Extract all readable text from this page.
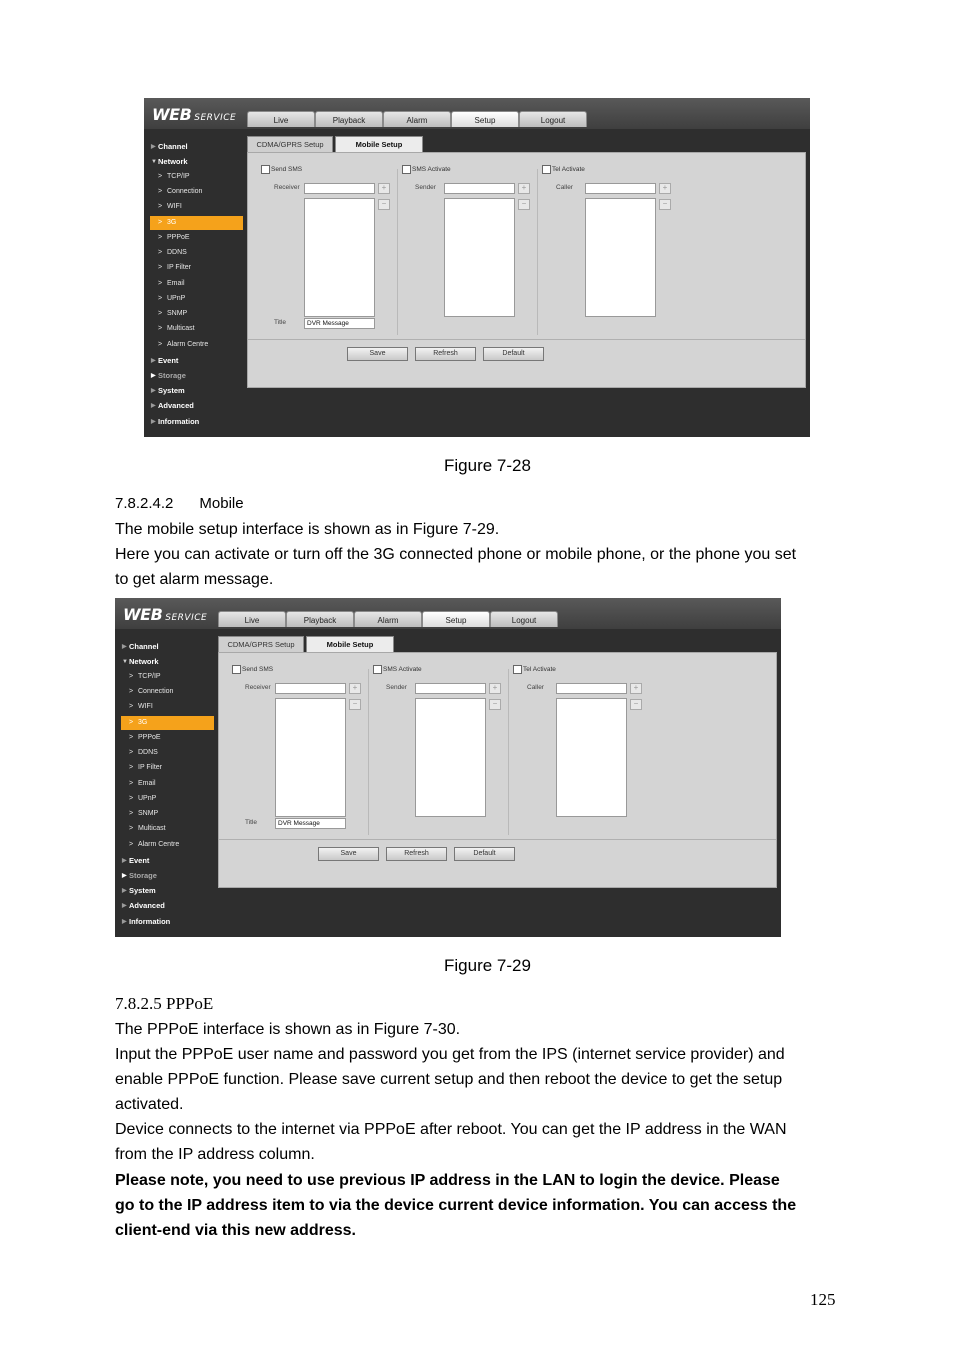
WEB SERVICE	Live	Playback	Alarm	Setup	Logout
▶ Channel
▼ Network
> TCP/IP
> Connection
> WIFI
> 3G
> PPPoE
> DDNS
> IP Filter
> Email
> UPnP
> SNMP
> Multicast
> Alarm Centre
▶ Event
▶ Storage
▶ System
▶ Advanced
▶ Information
CDMA/GPRS Setup	Mobile Setup
Send SMS
Receiver	+
−
Title	DVR Message
SMS Activate
Sender	+
−
Tel Activate
Caller	+
−
Save	Refresh	Default
Figure 7-28
7.8.2.4.2 Mobile
The mobile setup interface is shown as in Figure 7-29.
Here you can activate or turn off the 3G connected phone or mobile phone, or the phone you set
to get alarm message.
WEB SERVICE	Live	Playback	Alarm	Setup	Logout
▶ Channel
▼ Network
> TCP/IP
> Connection
> WIFI
> 3G
> PPPoE
> DDNS
> IP Filter
> Email
> UPnP
> SNMP
> Multicast
> Alarm Centre
▶ Event
▶ Storage
▶ System
▶ Advanced
▶ Information
CDMA/GPRS Setup	Mobile Setup
Send SMS
Receiver	+
−
Title	DVR Message
SMS Activate
Sender	+
−
Tel Activate
Caller	+
−
Save	Refresh	Default
Figure 7-29
7.8.2.5 PPPoE
The PPPoE interface is shown as in Figure 7-30.
Input the PPPoE user name and password you get from the IPS (internet service provider) and
enable PPPoE function. Please save current setup and then reboot the device to get the setup
activated.
Device connects to the internet via PPPoE after reboot. You can get the IP address in the WAN
from the IP address column.
Please note, you need to use previous IP address in the LAN to login the device. Please
go to the IP address item to via the device current device information. You can access the
client-end via this new address.
125
